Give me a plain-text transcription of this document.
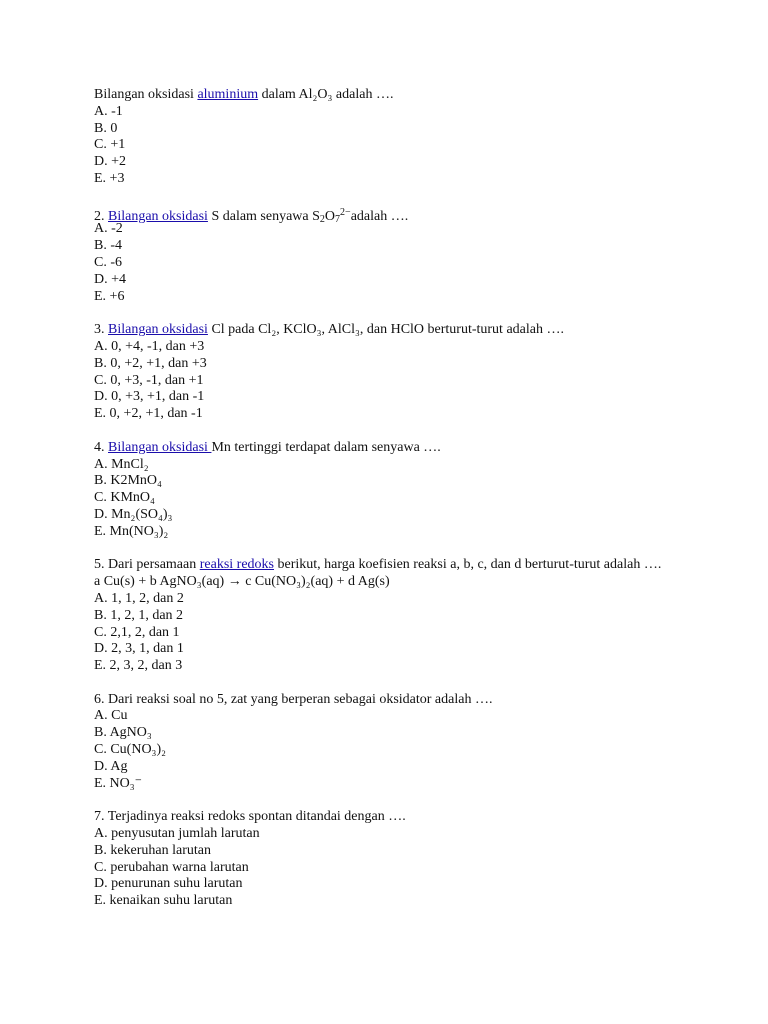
Bilangan oksidasi aluminium dalam Al₂O₃ adalah ….
A. -1
B. 0
C. +1
D. +2
E. +3
2. Bilangan oksidasi S dalam senyawa $S_2O_7^{2-}adalah$ ….
A. -2
B. -4
C. -6
D. +4
E. +6
3. Bilangan oksidasi Cl pada Cl₂, KClO₃, AlCl₃, dan HClO berturut-turut adalah ….
A. 0, +4, -1, dan +3
B. 0, +2, +1, dan +3
C. 0, +3, -1, dan +1
D. 0, +3, +1, dan -1
E. 0, +2, +1, dan -1
4. Bilangan oksidasi Mn tertinggi terdapat dalam senyawa ….
A. MnCl₂
B. K2MnO₄
C. KMnO₄
D. Mn₂(SO₄)₃
E. Mn(NO₃)₂
5. Dari persamaan reaksi redoks berikut, harga koefisien reaksi a, b, c, dan d berturut-turut adalah ….
a Cu(s) + b AgNO₃(aq) → c Cu(NO₃)₂(aq) + d Ag(s)
A. 1, 1, 2, dan 2
B. 1, 2, 1, dan 2
C. 2,1, 2, dan 1
D. 2, 3, 1, dan 1
E. 2, 3, 2, dan 3
6. Dari reaksi soal no 5, zat yang berperan sebagai oksidator adalah ….
A. Cu
B. AgNO₃
C. Cu(NO₃)₂
D. Ag
E. NO₃⁻
7. Terjadinya reaksi redoks spontan ditandai dengan ….
A. penyusutan jumlah larutan
B. kekeruhan larutan
C. perubahan warna larutan
D. penurunan suhu larutan
E. kenaikan suhu larutan
